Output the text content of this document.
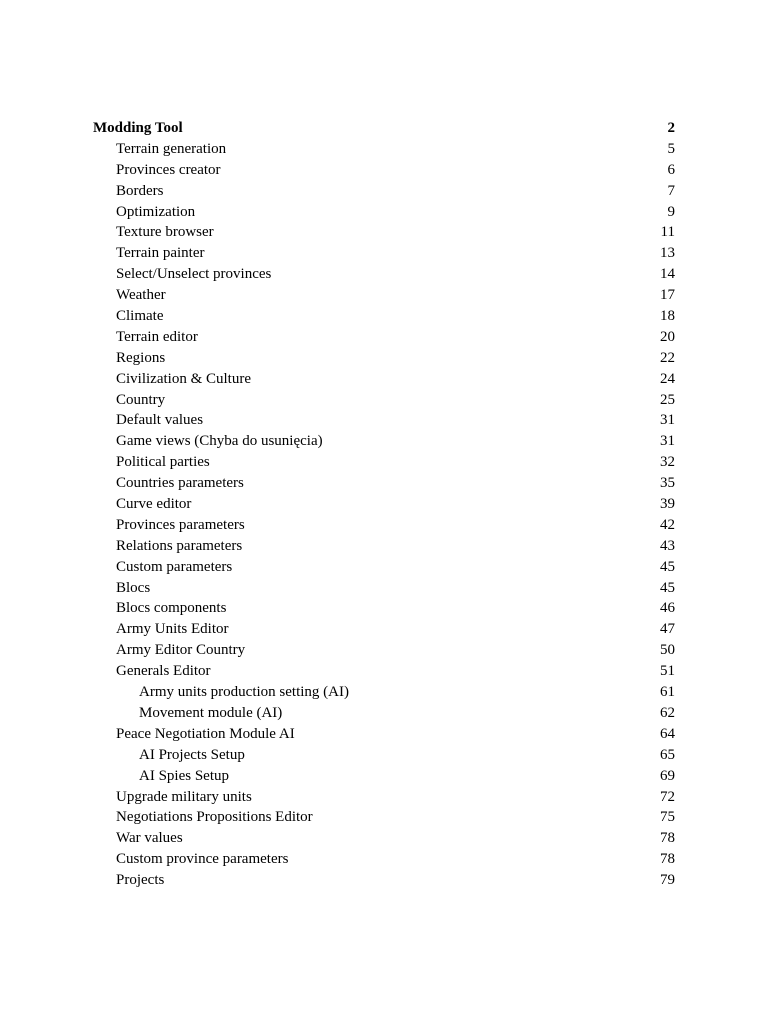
Modding Tool	2
Terrain generation	5
Provinces creator	6
Borders	7
Optimization	9
Texture browser	11
Terrain painter	13
Select/Unselect provinces	14
Weather	17
Climate	18
Terrain editor	20
Regions	22
Civilization & Culture	24
Country	25
Default values	31
Game views (Chyba do usunięcia)	31
Political parties	32
Countries parameters	35
Curve editor	39
Provinces parameters	42
Relations parameters	43
Custom parameters	45
Blocs	45
Blocs components	46
Army Units Editor	47
Army Editor Country	50
Generals Editor	51
Army units production setting (AI)	61
Movement module (AI)	62
Peace Negotiation Module AI	64
AI Projects Setup	65
AI Spies Setup	69
Upgrade military units	72
Negotiations Propositions Editor	75
War values	78
Custom province parameters	78
Projects	79
